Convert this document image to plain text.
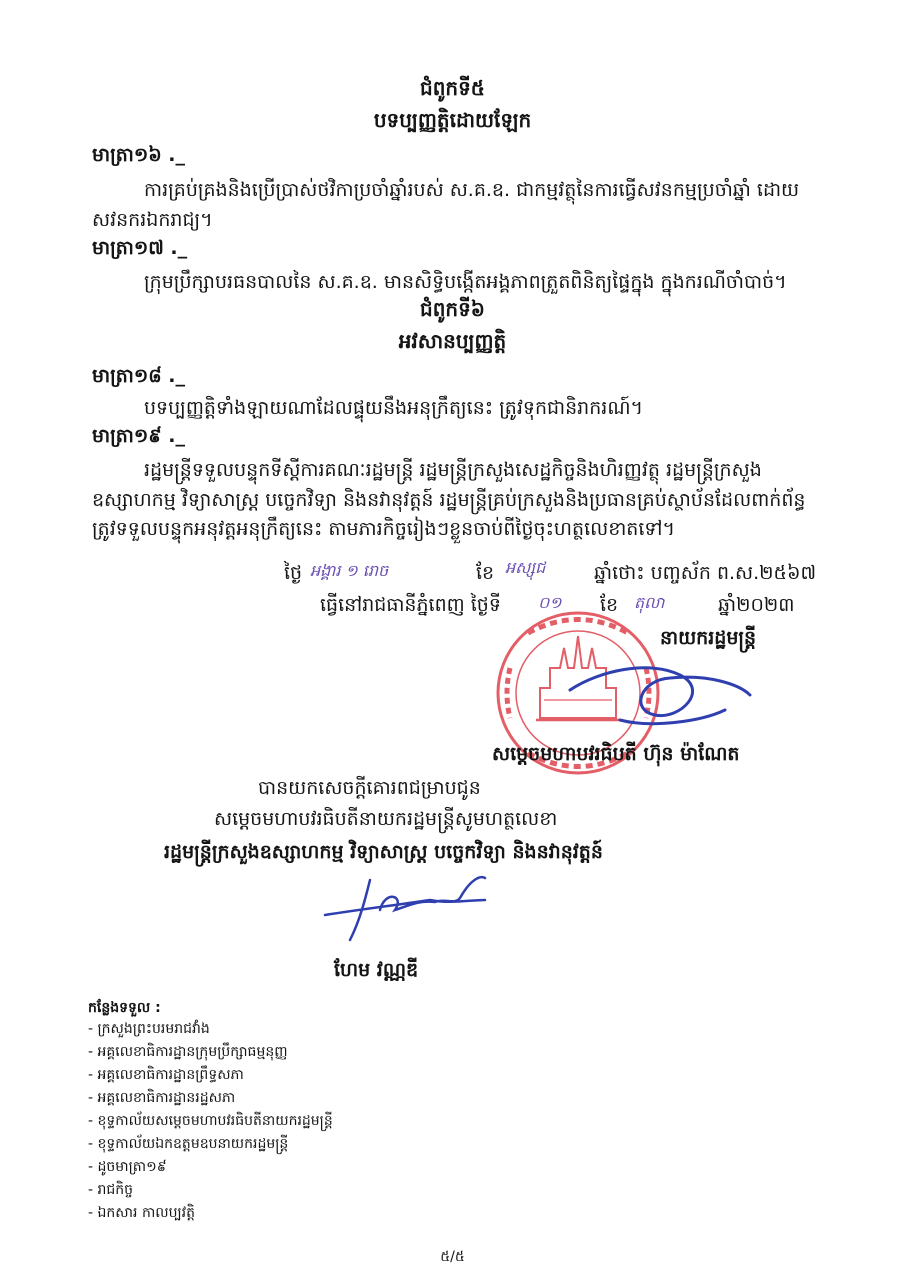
ជំពូកទី៥
បទប្បញ្ញត្តិដោយឡែក
មាត្រា១៦ ._
ការគ្រប់គ្រងនិងប្រើប្រាស់ថវិកាប្រចាំឆ្នាំរបស់ ស.គ.ឧ. ជាកម្មវត្ថុនៃការធ្វើសវនកម្មប្រចាំឆ្នាំ ដោយ
សវនករឯករាជ្យ។
មាត្រា១៧ ._
ក្រុមប្រឹក្សាបរធនបាលនៃ ស.គ.ឧ. មានសិទ្ធិបង្កើតអង្គភាពត្រួតពិនិត្យផ្ទៃក្នុង ក្នុងករណីចាំបាច់។
ជំពូកទី៦
អវសានប្បញ្ញត្តិ
មាត្រា១៨ ._
បទប្បញ្ញត្តិទាំងឡាយណាដែលផ្ទុយនឹងអនុក្រឹត្យនេះ ត្រូវទុកជានិរាករណ៍។
មាត្រា១៩ ._
រដ្ឋមន្ត្រីទទួលបន្ទុកទីស្តីការគណៈរដ្ឋមន្ត្រី រដ្ឋមន្ត្រីក្រសួងសេដ្ឋកិច្ចនិងហិរញ្ញវត្ថុ រដ្ឋមន្ត្រីក្រសួង
ឧស្សាហកម្ម វិទ្យាសាស្ត្រ បច្ចេកវិទ្យា និងនវានុវត្តន៍ រដ្ឋមន្ត្រីគ្រប់ក្រសួងនិងប្រធានគ្រប់ស្ថាប័នដែលពាក់ព័ន្ធ
ត្រូវទទួលបន្ទុកអនុវត្តអនុក្រឹត្យនេះ តាមភារកិច្ចរៀងៗខ្លួនចាប់ពីថ្ងៃចុះហត្ថលេខាតទៅ។
ថ្ងៃ អង្គារ ១ រោច	ខែ អស្សុជ	ឆ្នាំថោះ បញ្ចស័ក ព.ស.២៥៦៧
ធ្វើនៅរាជធានីភ្នំពេញ ថ្ងៃទី ០១ ខែ តុលា	ឆ្នាំ២០២៣
នាយករដ្ឋមន្ត្រី
សម្តេចមហាបវរធិបតី ហ៊ុន ម៉ាណែត
បានយកសេចក្តីគោរពជម្រាបជូន
សម្តេចមហាបវរធិបតីនាយករដ្ឋមន្ត្រីសូមហត្ថលេខា
រដ្ឋមន្ត្រីក្រសួងឧស្សាហកម្ម វិទ្យាសាស្ត្រ បច្ចេកវិទ្យា និងនវានុវត្តន៍
ហែម វណ្ណឌី
កន្លែងទទួល :
- ក្រសួងព្រះបរមរាជវាំង
- អគ្គលេខាធិការដ្ឋានក្រុមប្រឹក្សាធម្មនុញ្ញ
- អគ្គលេខាធិការដ្ឋានព្រឹទ្ធសភា
- អគ្គលេខាធិការដ្ឋានរដ្ឋសភា
- ខុទ្ទកាល័យសម្តេចមហាបវរធិបតីនាយករដ្ឋមន្ត្រី
- ខុទ្ទកាល័យឯកឧត្តមឧបនាយករដ្ឋមន្ត្រី
- ដូចមាត្រា១៩
- រាជកិច្ច
- ឯកសារ កាលប្បវត្តិ
៥/៥
